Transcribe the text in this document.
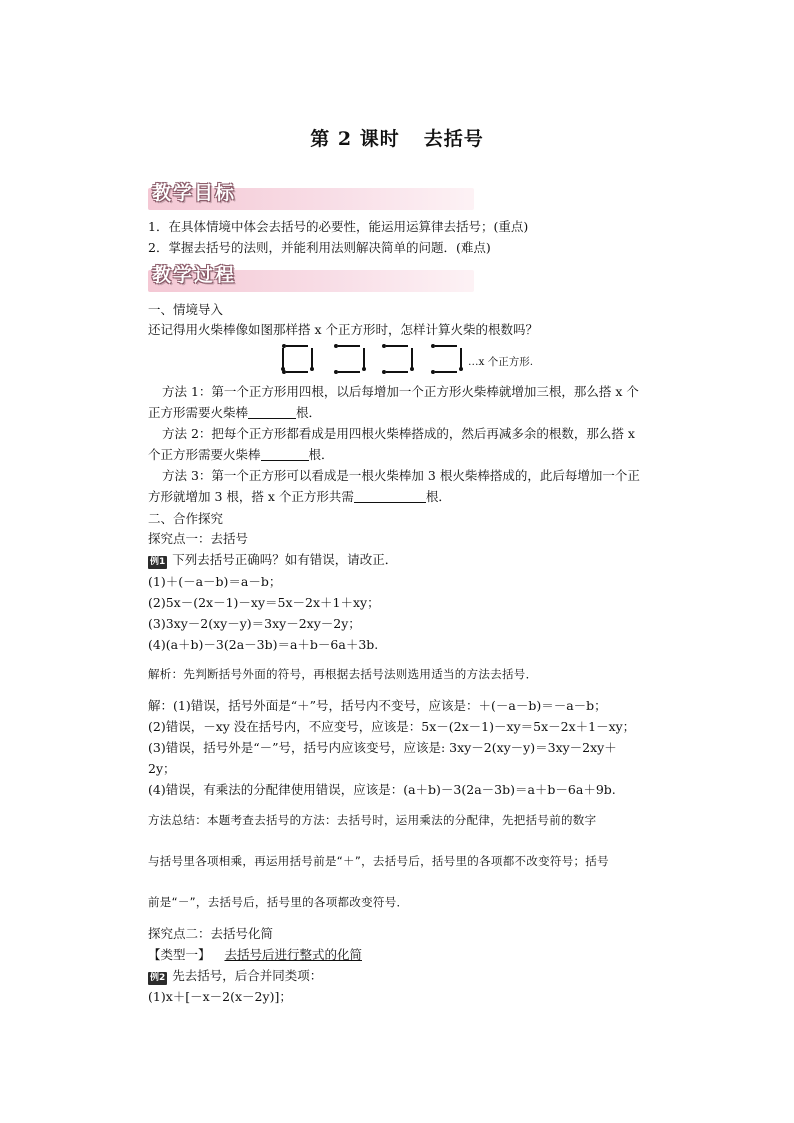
第 2 课时 去括号
教学目标
1．在具体情境中体会去括号的必要性，能运用运算律去括号；(重点)
2．掌握去括号的法则，并能利用法则解决简单的问题．(难点)
教学过程
一、情境导入
还记得用火柴棒像如图那样搭 x 个正方形时，怎样计算火柴的根数吗？
…x 个正方形.
方法 1：第一个正方形用四根，以后每增加一个正方形火柴棒就增加三根，那么搭 x 个
正方形需要火柴棒	根．
方法 2：把每个正方形都看成是用四根火柴棒搭成的，然后再减多余的根数，那么搭 x
个正方形需要火柴棒	根．
方法 3：第一个正方形可以看成是一根火柴棒加 3 根火柴棒搭成的，此后每增加一个正
方形就增加 3 根，搭 x 个正方形共需	根．
二、合作探究
探究点一：去括号
例1 下列去括号正确吗？如有错误，请改正．
(1)＋(－a－b)＝a－b；
(2)5x－(2x－1)－xy＝5x－2x＋1＋xy；
(3)3xy－2(xy－y)＝3xy－2xy－2y；
(4)(a＋b)－3(2a－3b)＝a＋b－6a＋3b.
解析：先判断括号外面的符号，再根据去括号法则选用适当的方法去括号．
解：(1)错误，括号外面是“＋”号，括号内不变号，应该是：＋(－a－b)＝－a－b；
(2)错误，－xy 没在括号内，不应变号，应该是：5x－(2x－1)－xy＝5x－2x＋1－xy；
(3)错误，括号外是“－”号，括号内应该变号，应该是: 3xy－2(xy－y)＝3xy－2xy＋
2y；
(4)错误，有乘法的分配律使用错误，应该是：(a＋b)－3(2a－3b)＝a＋b－6a＋9b.
方法总结：本题考查去括号的方法：去括号时，运用乘法的分配律，先把括号前的数字
与括号里各项相乘，再运用括号前是“＋”，去括号后，括号里的各项都不改变符号；括号
前是“－”，去括号后，括号里的各项都改变符号．
探究点二：去括号化简
【类型一】 去括号后进行整式的化简
例2 先去括号，后合并同类项：
(1)x＋[－x－2(x－2y)]；
